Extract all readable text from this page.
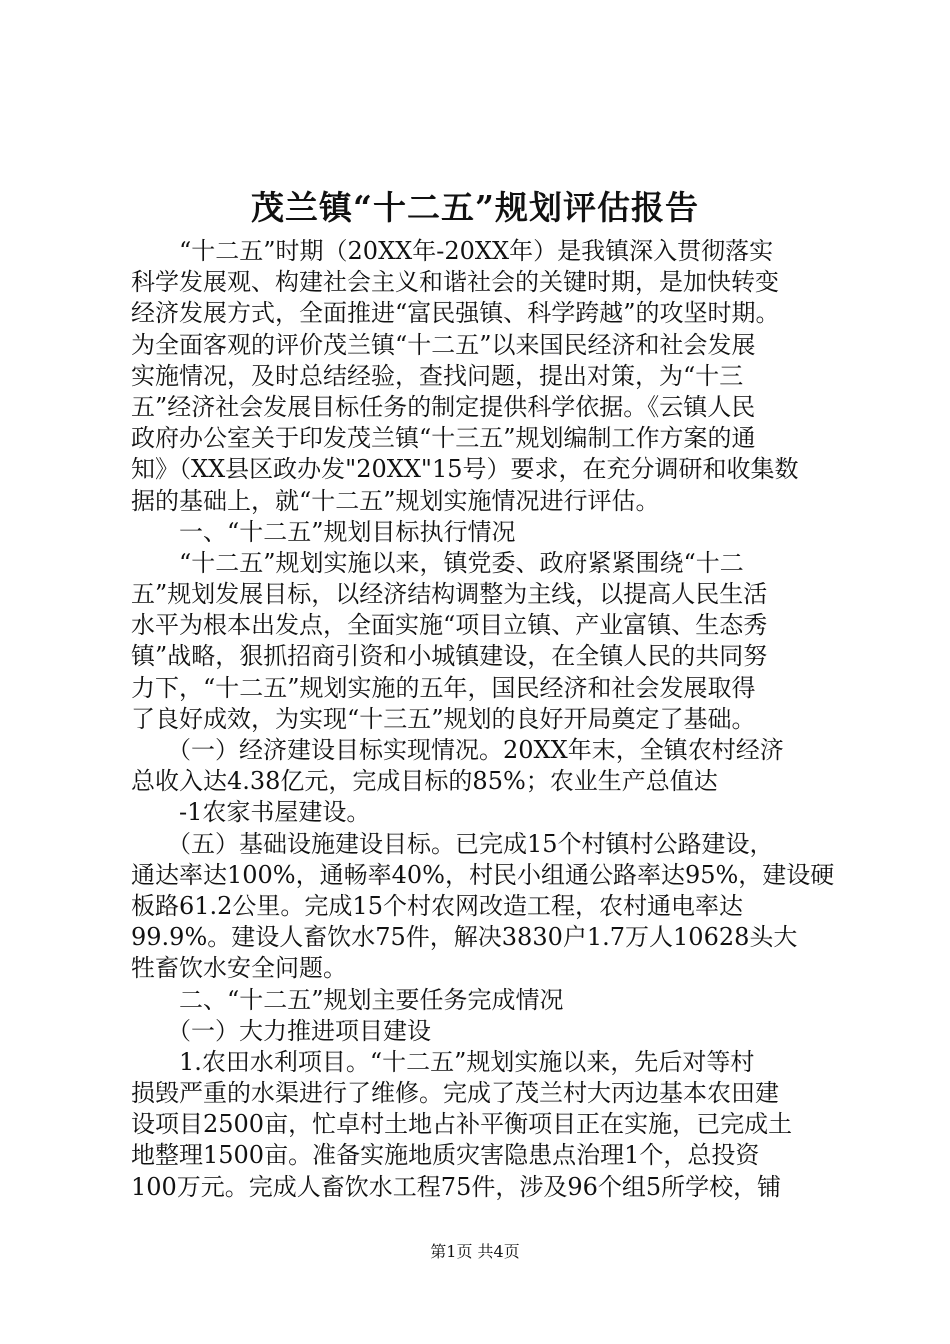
茂兰镇“十二五”规划评估报告
　　“十二五”时期（20XX年-20XX年）是我镇深入贯彻落实
科学发展观、构建社会主义和谐社会的关键时期，是加快转变
经济发展方式，全面推进“富民强镇、科学跨越”的攻坚时期。
为全面客观的评价茂兰镇“十二五”以来国民经济和社会发展
实施情况，及时总结经验，查找问题，提出对策，为“十三
五”经济社会发展目标任务的制定提供科学依据。《云镇人民
政府办公室关于印发茂兰镇“十三五”规划编制工作方案的通
知》（XX县区政办发"20XX"15号）要求，在充分调研和收集数
据的基础上，就“十二五”规划实施情况进行评估。
　　一、“十二五”规划目标执行情况
　　“十二五”规划实施以来，镇党委、政府紧紧围绕“十二
五”规划发展目标，以经济结构调整为主线，以提高人民生活
水平为根本出发点，全面实施“项目立镇、产业富镇、生态秀
镇”战略，狠抓招商引资和小城镇建设，在全镇人民的共同努
力下，“十二五”规划实施的五年，国民经济和社会发展取得
了良好成效，为实现“十三五”规划的良好开局奠定了基础。
　　（一）经济建设目标实现情况。20XX年末，全镇农村经济
总收入达4.38亿元，完成目标的85%；农业生产总值达
　　-1农家书屋建设。
　　（五）基础设施建设目标。已完成15个村镇村公路建设，
通达率达100%，通畅率40%，村民小组通公路率达95%，建设硬
板路61.2公里。完成15个村农网改造工程，农村通电率达
99.9%。建设人畜饮水75件，解决3830户1.7万人10628头大
牲畜饮水安全问题。
　　二、“十二五”规划主要任务完成情况
　　（一）大力推进项目建设
　　1.农田水利项目。“十二五”规划实施以来，先后对等村
损毁严重的水渠进行了维修。完成了茂兰村大丙边基本农田建
设项目2500亩，忙卓村土地占补平衡项目正在实施，已完成土
地整理1500亩。准备实施地质灾害隐患点治理1个，总投资
100万元。完成人畜饮水工程75件，涉及96个组5所学校，铺
第1页 共4页
